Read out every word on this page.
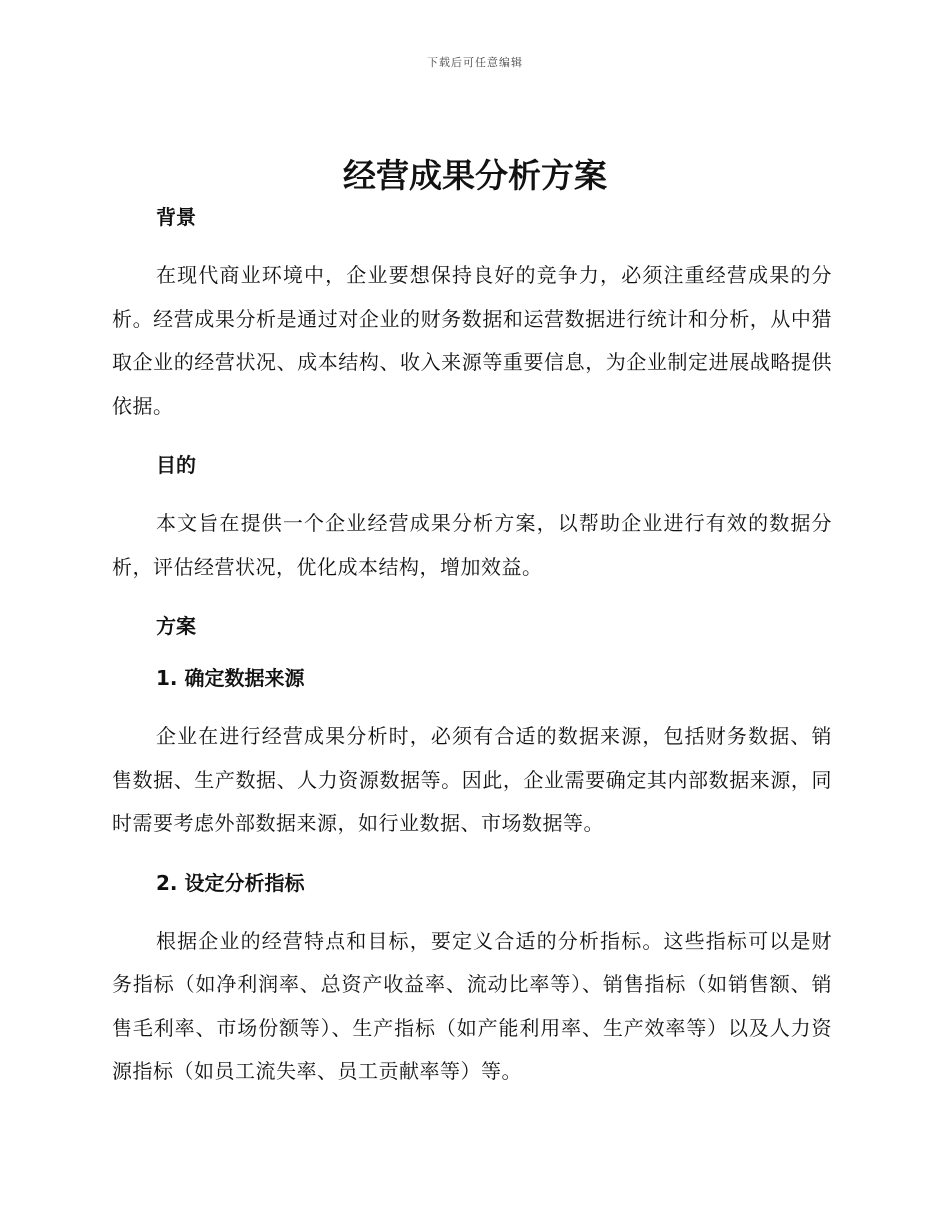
下载后可任意编辑
经营成果分析方案

背景

在现代商业环境中，企业要想保持良好的竞争力，必须注重经营成果的分析。经营成果分析是通过对企业的财务数据和运营数据进行统计和分析，从中猎取企业的经营状况、成本结构、收入来源等重要信息，为企业制定进展战略提供依据。

目的

本文旨在提供一个企业经营成果分析方案，以帮助企业进行有效的数据分析，评估经营状况，优化成本结构，增加效益。

方案

1. 确定数据来源

企业在进行经营成果分析时，必须有合适的数据来源，包括财务数据、销售数据、生产数据、人力资源数据等。因此，企业需要确定其内部数据来源，同时需要考虑外部数据来源，如行业数据、市场数据等。

2. 设定分析指标

根据企业的经营特点和目标，要定义合适的分析指标。这些指标可以是财务指标（如净利润率、总资产收益率、流动比率等）、销售指标（如销售额、销售毛利率、市场份额等）、生产指标（如产能利用率、生产效率等）以及人力资源指标（如员工流失率、员工贡献率等）等。
